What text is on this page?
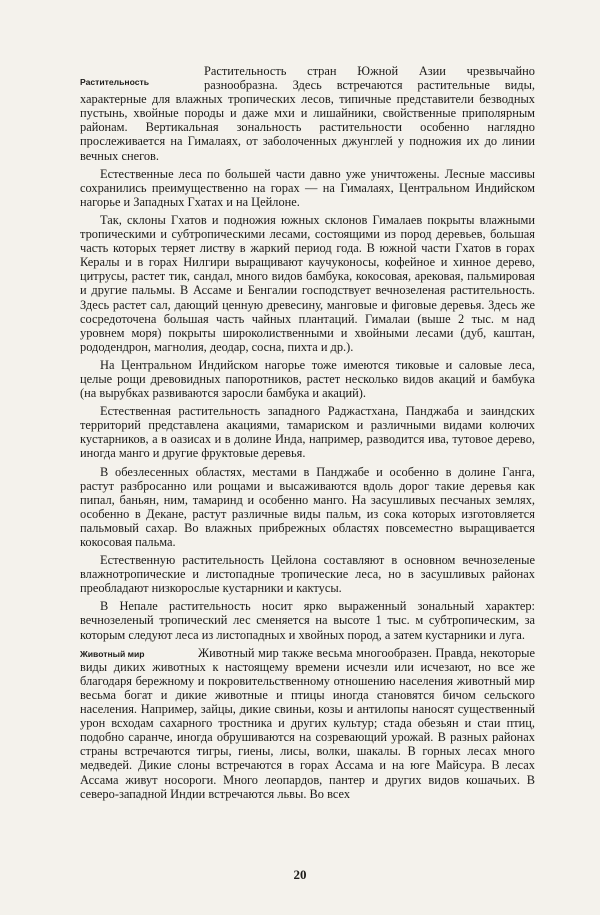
Растительность
Растительность стран Южной Азии чрезвычайно разнообразна. Здесь встречаются растительные виды, характерные для влажных тропических лесов, типичные представители безводных пустынь, хвойные породы и даже мхи и лишайники, свойственные приполярным районам. Вертикальная зональность растительности особенно наглядно прослеживается на Гималаях, от заболоченных джунглей у подножия их до линии вечных снегов.

Естественные леса по большей части давно уже уничтожены. Лесные массивы сохранились преимущественно на горах — на Гималаях, Центральном Индийском нагорье и Западных Гхатах и на Цейлоне.

Так, склоны Гхатов и подножия южных склонов Гималаев покрыты влажными тропическими и субтропическими лесами, состоящими из пород деревьев, большая часть которых теряет листву в жаркий период года. В южной части Гхатов в горах Кералы и в горах Нилгири выращивают каучуконосы, кофейное и хинное дерево, цитрусы, растет тик, сандал, много видов бамбука, кокосовая, арековая, пальмировая и другие пальмы. В Ассаме и Бенгалии господствует вечнозеленая растительность. Здесь растет сал, дающий ценную древесину, манговые и фиговые деревья. Здесь же сосредоточена большая часть чайных плантаций. Гималаи (выше 2 тыс. м над уровнем моря) покрыты широколиственными и хвойными лесами (дуб, каштан, рододендрон, магнолия, деодар, сосна, пихта и др.).

На Центральном Индийском нагорье тоже имеются тиковые и саловые леса, целые рощи древовидных папоротников, растет несколько видов акаций и бамбука (на вырубках развиваются заросли бамбука и акаций).

Естественная растительность западного Раджастхана, Панджаба и заиндских территорий представлена акациями, тамариском и различными видами колючих кустарников, а в оазисах и в долине Инда, например, разводится ива, тутовое дерево, иногда манго и другие фруктовые деревья.

В обезлесенных областях, местами в Панджабе и особенно в долине Ганга, растут разбросанно или рощами и высаживаются вдоль дорог такие деревья как пипал, баньян, ним, тамаринд и особенно манго. На засушливых песчаных землях, особенно в Декане, растут различные виды пальм, из сока которых изготовляется пальмовый сахар. Во влажных прибрежных областях повсеместно выращивается кокосовая пальма.

Естественную растительность Цейлона составляют в основном вечнозеленые влажнотропические и листопадные тропические леса, но в засушливых районах преобладают низкорослые кустарники и кактусы.

В Непале растительность носит ярко выраженный зональный характер: вечнозеленый тропический лес сменяется на высоте 1 тыс. м субтропическим, за которым следуют леса из листопадных и хвойных пород, а затем кустарники и луга.

Животный мир	Животный мир также весьма многообразен. Правда, некоторые виды диких животных к настоящему времени исчезли или исчезают, но все же благодаря бережному и покровительственному отношению населения животный мир весьма богат и дикие животные и птицы иногда становятся бичом сельского населения. Например, зайцы, дикие свиньи, козы и антилопы наносят существенный урон всходам сахарного тростника и других культур; стада обезьян и стаи птиц, подобно саранче, иногда обрушиваются на созревающий урожай. В разных районах страны встречаются тигры, гиены, лисы, волки, шакалы. В горных лесах много медведей. Дикие слоны встречаются в горах Ассама и на юге Майсура. В лесах Ассама живут носороги. Много леопардов, пантер и других видов кошачьих. В северо-западной Индии встречаются львы. Во всех

20
